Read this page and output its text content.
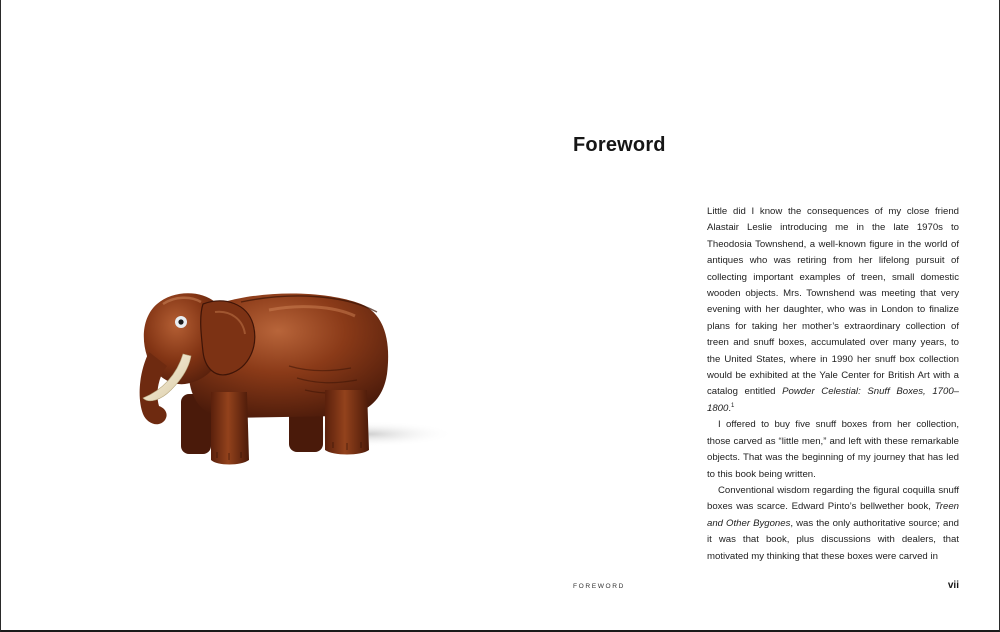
Foreword

Little did I know the consequences of my close friend Alastair Leslie introducing me in the late 1970s to Theodosia Townshend, a well-known figure in the world of antiques who was retiring from her lifelong pursuit of collecting important examples of treen, small domestic wooden objects. Mrs. Townshend was meeting that very evening with her daughter, who was in London to finalize plans for taking her mother’s extraordinary collection of treen and snuff boxes, accumulated over many years, to the United States, where in 1990 her snuff box collection would be exhibited at the Yale Center for British Art with a catalog entitled Powder Celestial: Snuff Boxes, 1700–1800.$^1$

I offered to buy five snuff boxes from her collection, those carved as “little men,” and left with these remarkable objects. That was the beginning of my journey that has led to this book being written.

Conventional wisdom regarding the figural coquilla snuff boxes was scarce. Edward Pinto’s bellwether book, Treen and Other Bygones, was the only authoritative source; and it was that book, plus discussions with dealers, that motivated my thinking that these boxes were carved in

FOREWORD	vii
